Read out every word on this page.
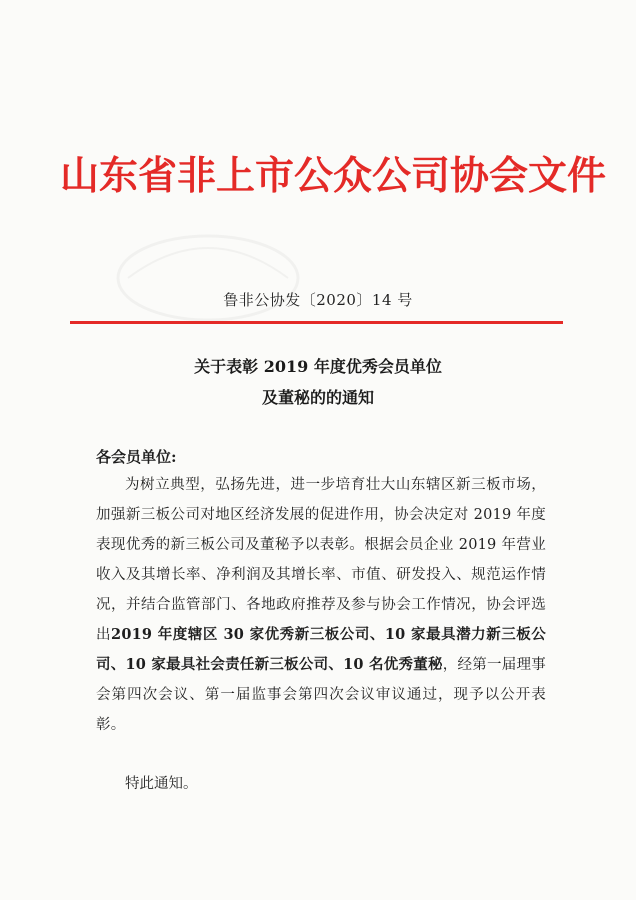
山东省非上市公众公司协会文件
鲁非公协发〔2020〕14 号
关于表彰 2019 年度优秀会员单位
及董秘的的通知
各会员单位:

为树立典型，弘扬先进，进一步培育壮大山东辖区新三板市场，加强新三板公司对地区经济发展的促进作用，协会决定对 2019 年度表现优秀的新三板公司及董秘予以表彰。根据会员企业 2019 年营业收入及其增长率、净利润及其增长率、市值、研发投入、规范运作情况，并结合监管部门、各地政府推荐及参与协会工作情况，协会评选出2019 年度辖区 30 家优秀新三板公司、10 家最具潜力新三板公司、10 家最具社会责任新三板公司、10 名优秀董秘，经第一届理事会第四次会议、第一届监事会第四次会议审议通过，现予以公开表彰。

特此通知。
